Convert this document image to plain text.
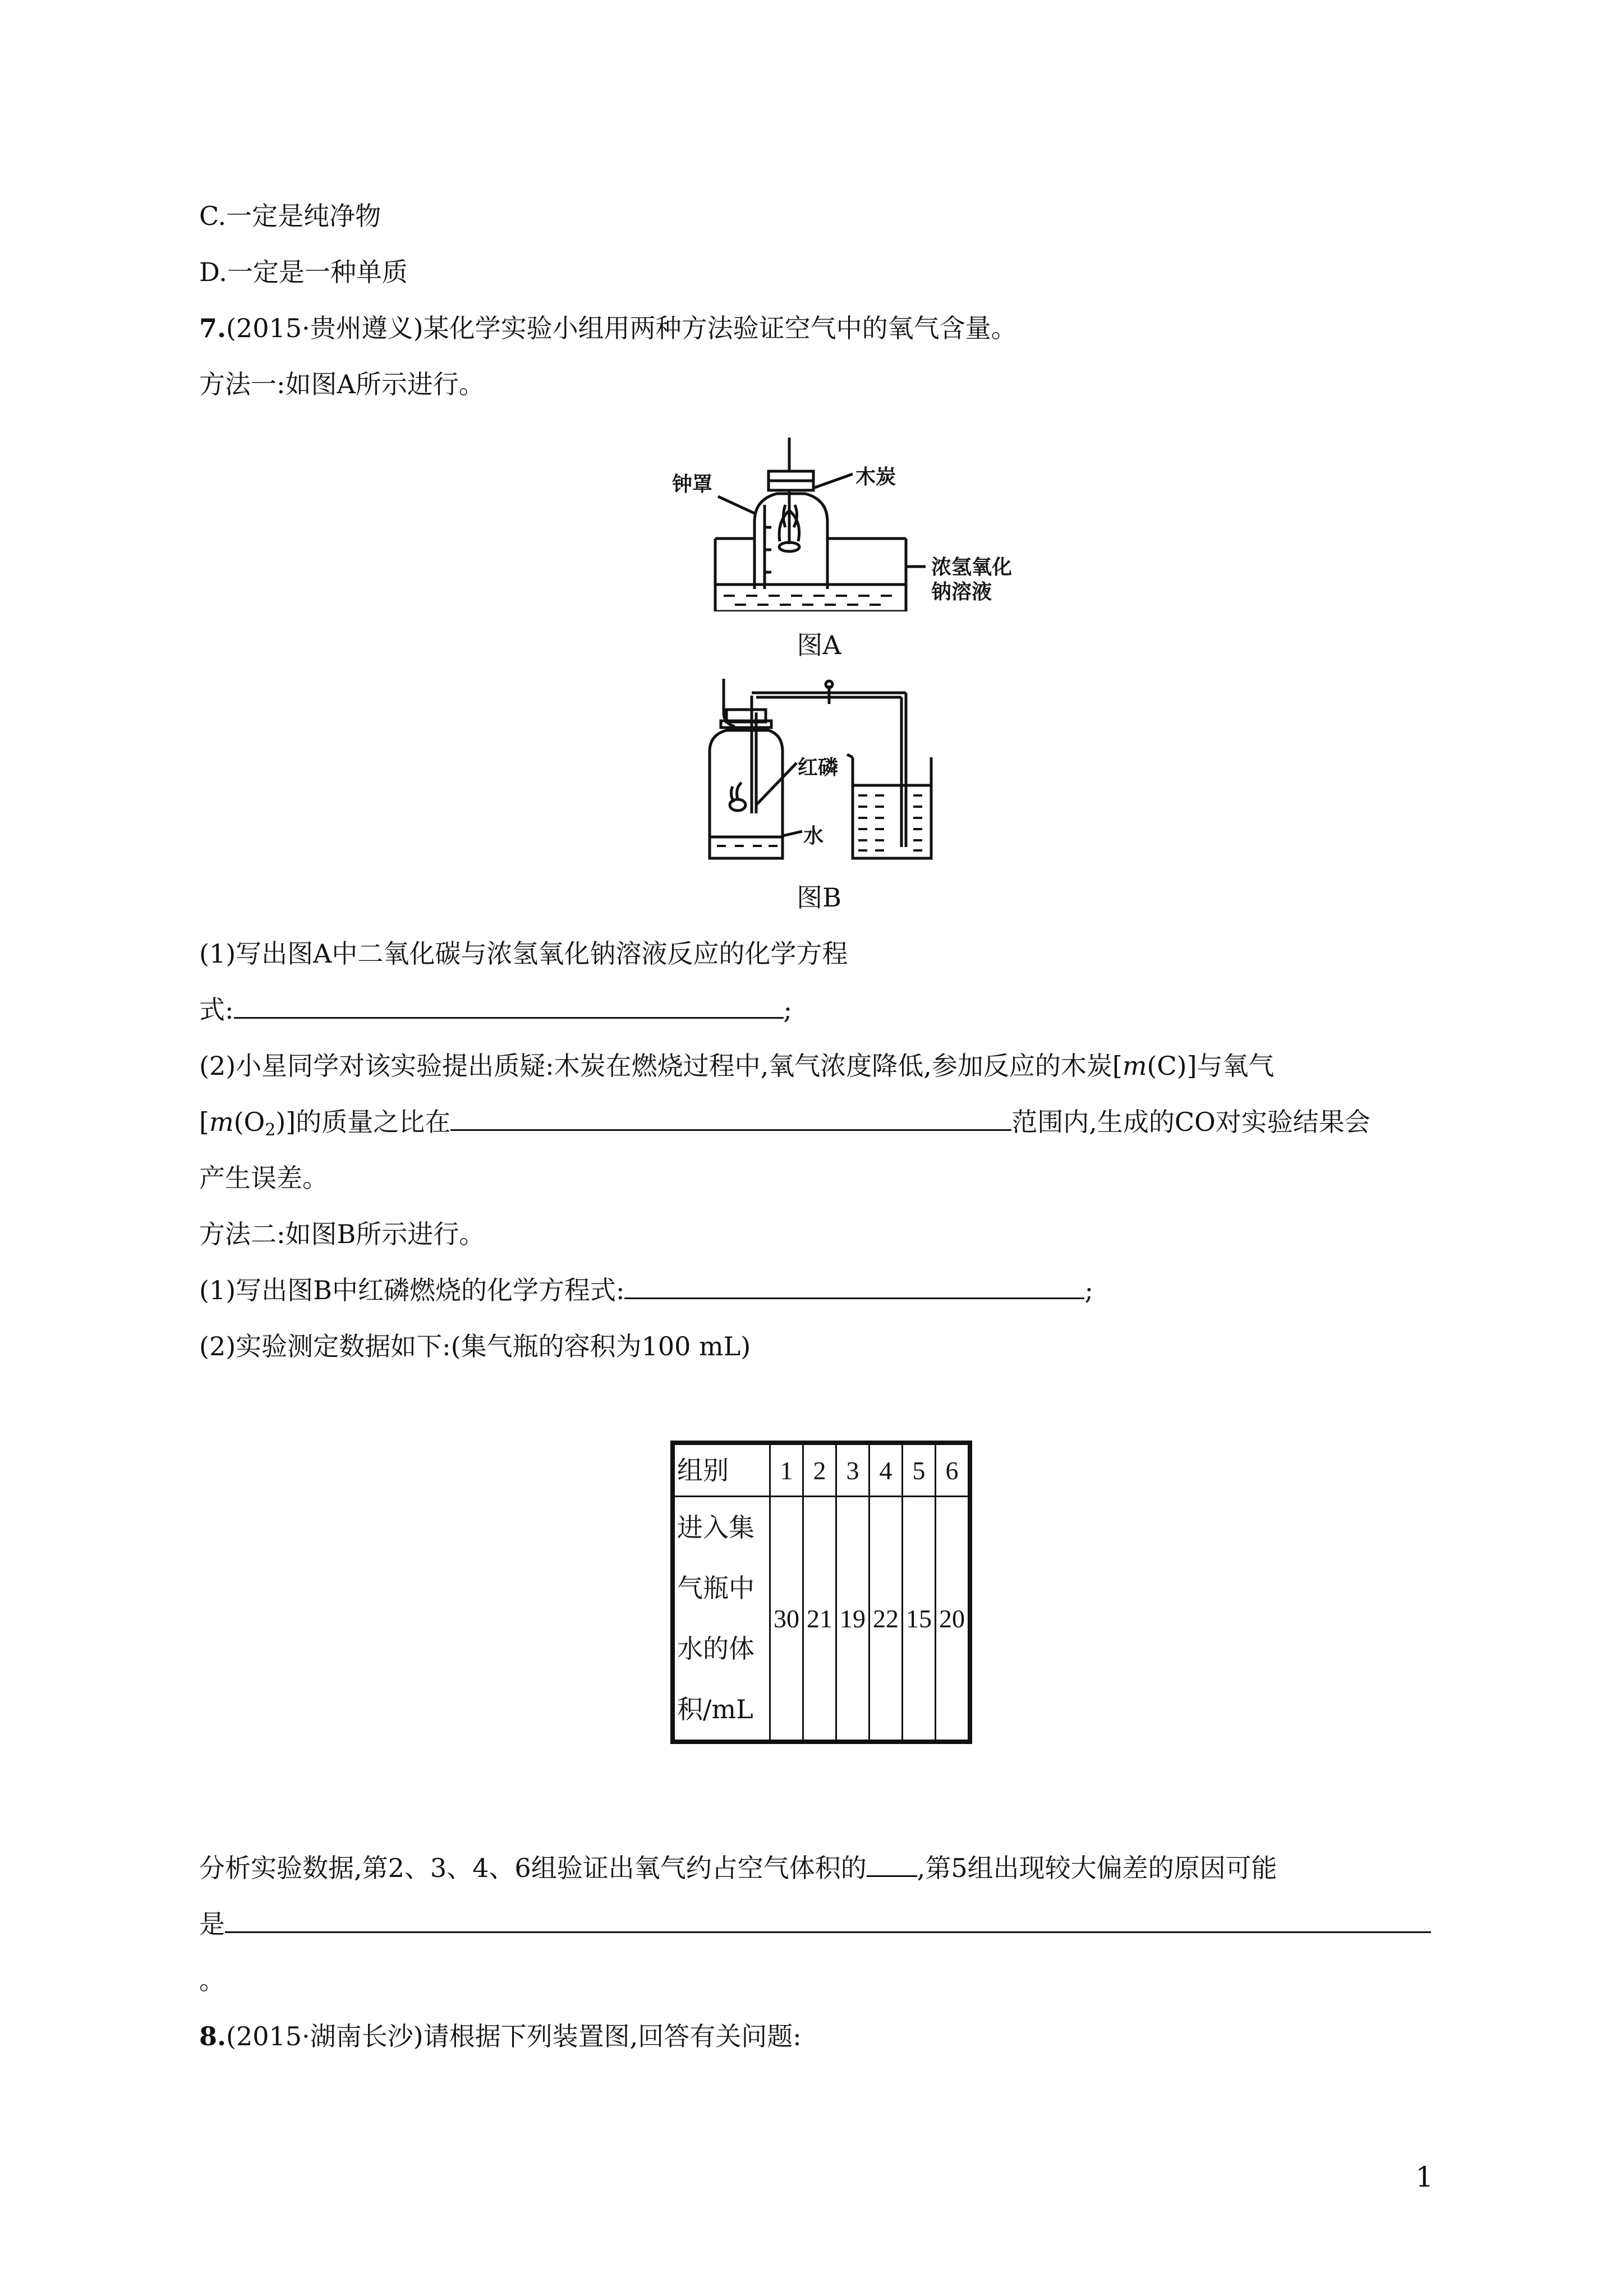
C.一定是纯净物
D.一定是一种单质
7.(2015·贵州遵义)某化学实验小组用两种方法验证空气中的氧气含量。
方法一:如图A所示进行。
钟罩	木炭
浓氢氧化
钠溶液
图A
红磷
水
图B
(1)写出图A中二氧化碳与浓氢氧化钠溶液反应的化学方程
式:	;
(2)小星同学对该实验提出质疑:木炭在燃烧过程中,氧气浓度降低,参加反应的木炭[m(C)]与氧气
$[m(O_2)]$的质量之比在	范围内,生成的CO对实验结果会
产生误差。
方法二:如图B所示进行。
(1)写出图B中红磷燃烧的化学方程式:	;
(2)实验测定数据如下:(集气瓶的容积为100 mL)
组别	1	2	3	4	5	6

进入集
气瓶中
水的体
积/mL	30	21	19	22	15	20
分析实验数据,第2、3、4、6组验证出氧气约占空气体积的 ,第5组出现较大偏差的原因可能
是
。
8.(2015·湖南长沙)请根据下列装置图,回答有关问题:
1
